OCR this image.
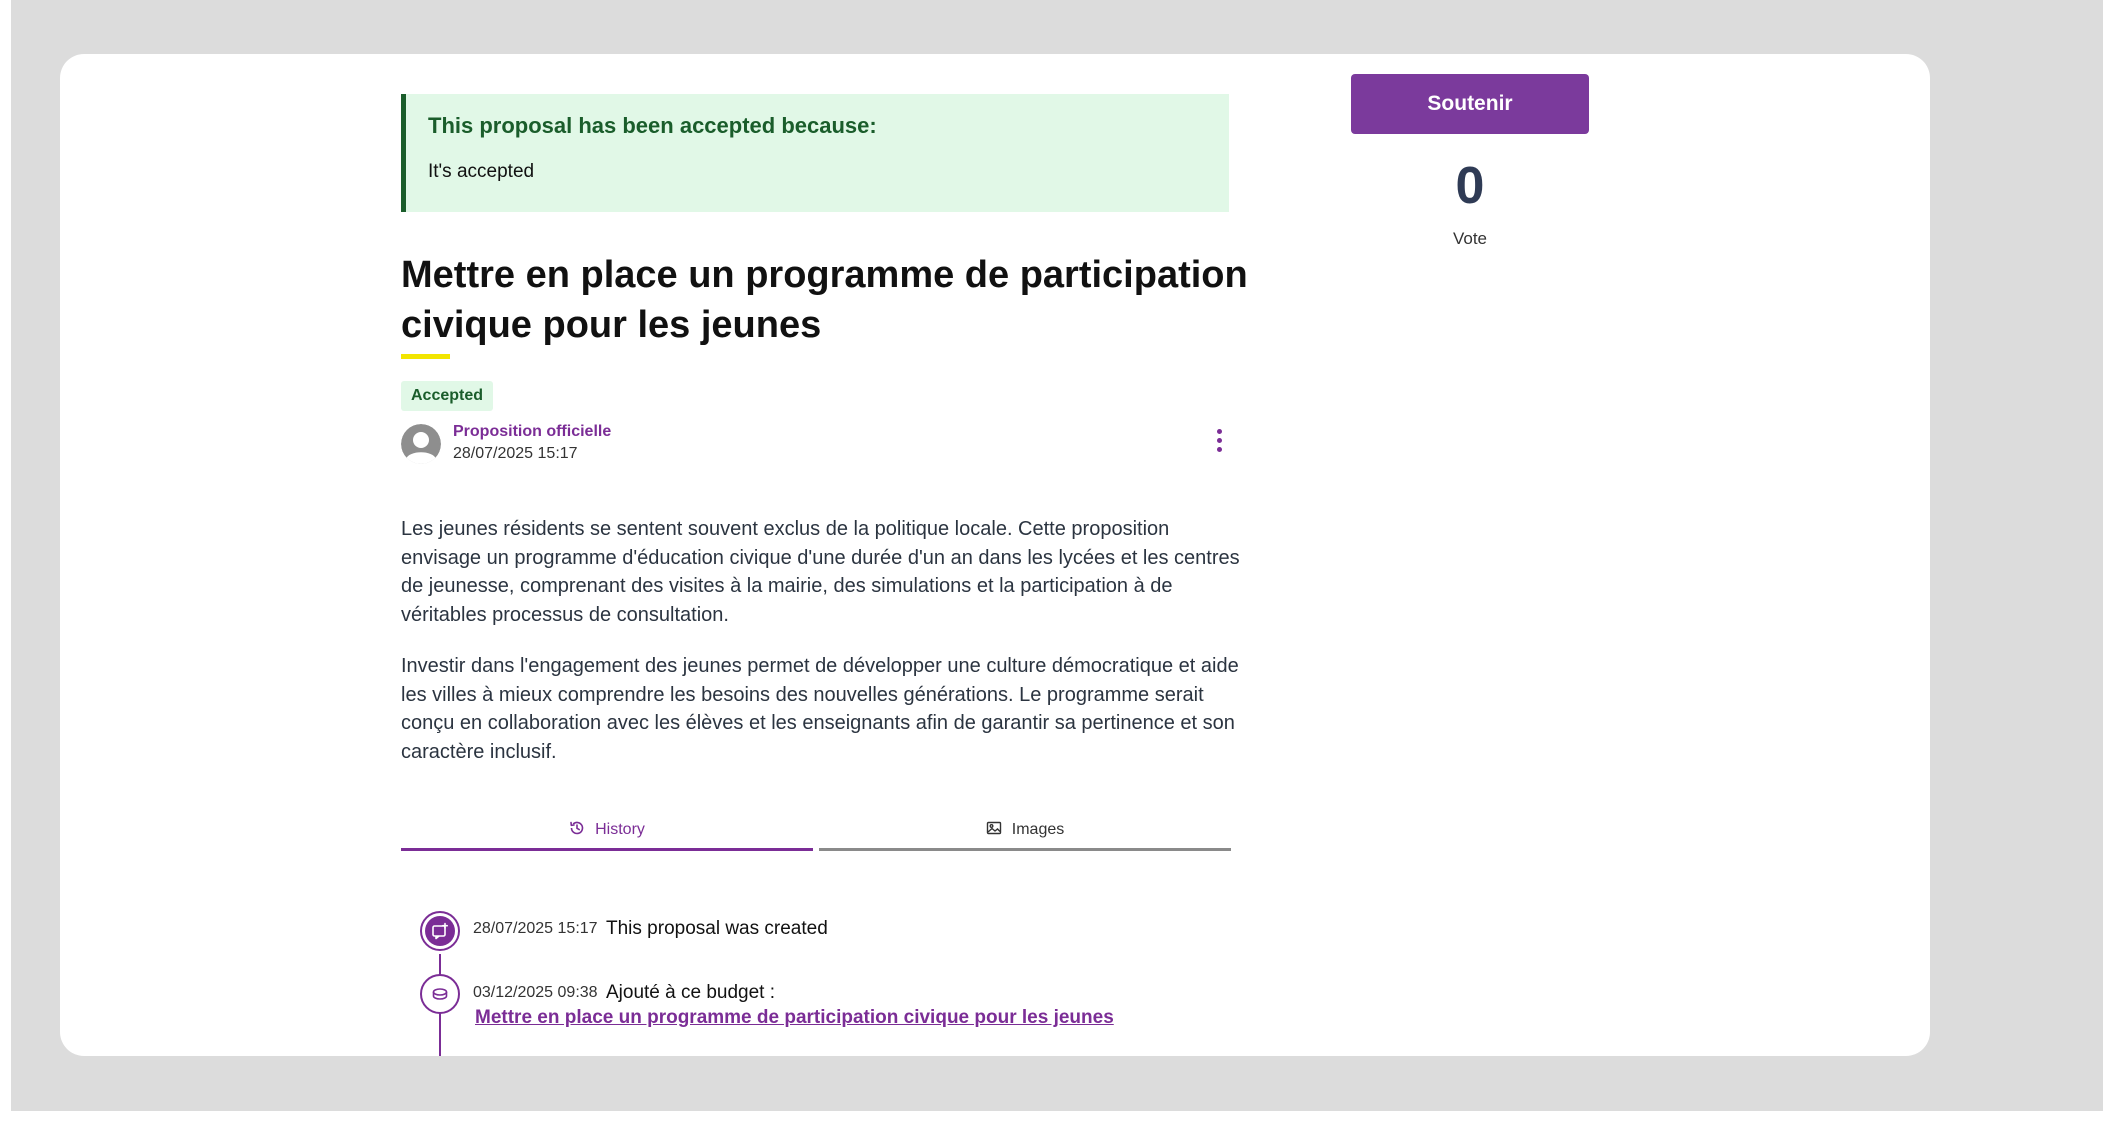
This proposal has been accepted because:
It's accepted
Mettre en place un programme de participation civique pour les jeunes
Accepted
Proposition officielle
28/07/2025 15:17

Les jeunes résidents se sentent souvent exclus de la politique locale. Cette proposition envisage un programme d'éducation civique d'une durée d'un an dans les lycées et les centres de jeunesse, comprenant des visites à la mairie, des simulations et la participation à de véritables processus de consultation.

Investir dans l'engagement des jeunes permet de développer une culture démocratique et aide les villes à mieux comprendre les besoins des nouvelles générations. Le programme serait conçu en collaboration avec les élèves et les enseignants afin de garantir sa pertinence et son caractère inclusif.

History	Images
28/07/2025 15:17 This proposal was created
03/12/2025 09:38 Ajouté à ce budget :
Mettre en place un programme de participation civique pour les jeunes
Soutenir
0
Vote
